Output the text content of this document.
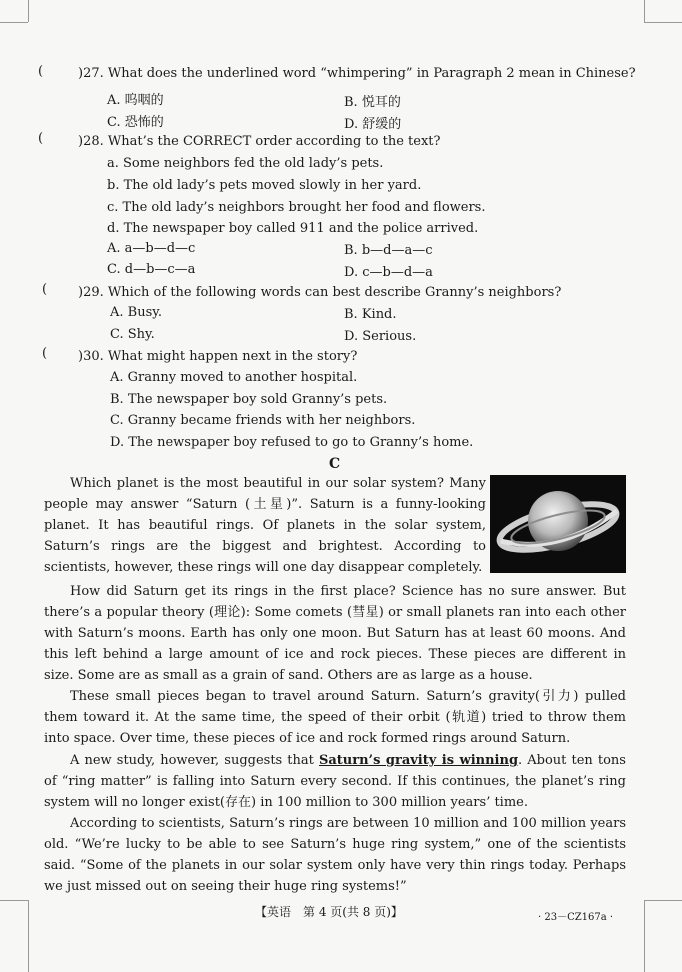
(	)27. What does the underlined word “whimpering” in Paragraph 2 mean in Chinese?
A. 呜咽的	B. 悦耳的
C. 恐怖的	D. 舒缓的
(	)28. What’s the CORRECT order according to the text?
a. Some neighbors fed the old lady’s pets.
b. The old lady’s pets moved slowly in her yard.
c. The old lady’s neighbors brought her food and flowers.
d. The newspaper boy called 911 and the police arrived.
A. a—b—d—c	B. b—d—a—c
C. d—b—c—a	D. c—b—d—a
( )29. Which of the following words can best describe Granny’s neighbors?
A. Busy.	B. Kind.
C. Shy.	D. Serious.
( )30. What might happen next in the story?
A. Granny moved to another hospital.
B. The newspaper boy sold Granny’s pets.
C. Granny became friends with her neighbors.
D. The newspaper boy refused to go to Granny’s home.
C
Which planet is the most beautiful in our solar system? Many people may answer “Saturn (土星)”. Saturn is a funny-looking planet. It has beautiful rings. Of planets in the solar system, Saturn’s rings are the biggest and brightest. According to scientists, however, these rings will one day disappear completely.
How did Saturn get its rings in the first place? Science has no sure answer. But there’s a popular theory (理论): Some comets (彗星) or small planets ran into each other with Saturn’s moons. Earth has only one moon. But Saturn has at least 60 moons. And this left behind a large amount of ice and rock pieces. These pieces are different in size. Some are as small as a grain of sand. Others are as large as a house.
These small pieces began to travel around Saturn. Saturn’s gravity(引力) pulled them toward it. At the same time, the speed of their orbit (轨道) tried to throw them into space. Over time, these pieces of ice and rock formed rings around Saturn.
A new study, however, suggests that Saturn’s gravity is winning. About ten tons of “ring matter” is falling into Saturn every second. If this continues, the planet’s ring system will no longer exist(存在) in 100 million to 300 million years’ time.
According to scientists, Saturn’s rings are between 10 million and 100 million years old. “We’re lucky to be able to see Saturn’s huge ring system,” one of the scientists said. “Some of the planets in our solar system only have very thin rings today. Perhaps we just missed out on seeing their huge ring systems!”
【英语　第 4 页(共 8 页)】	· 23－CZ167a ·
